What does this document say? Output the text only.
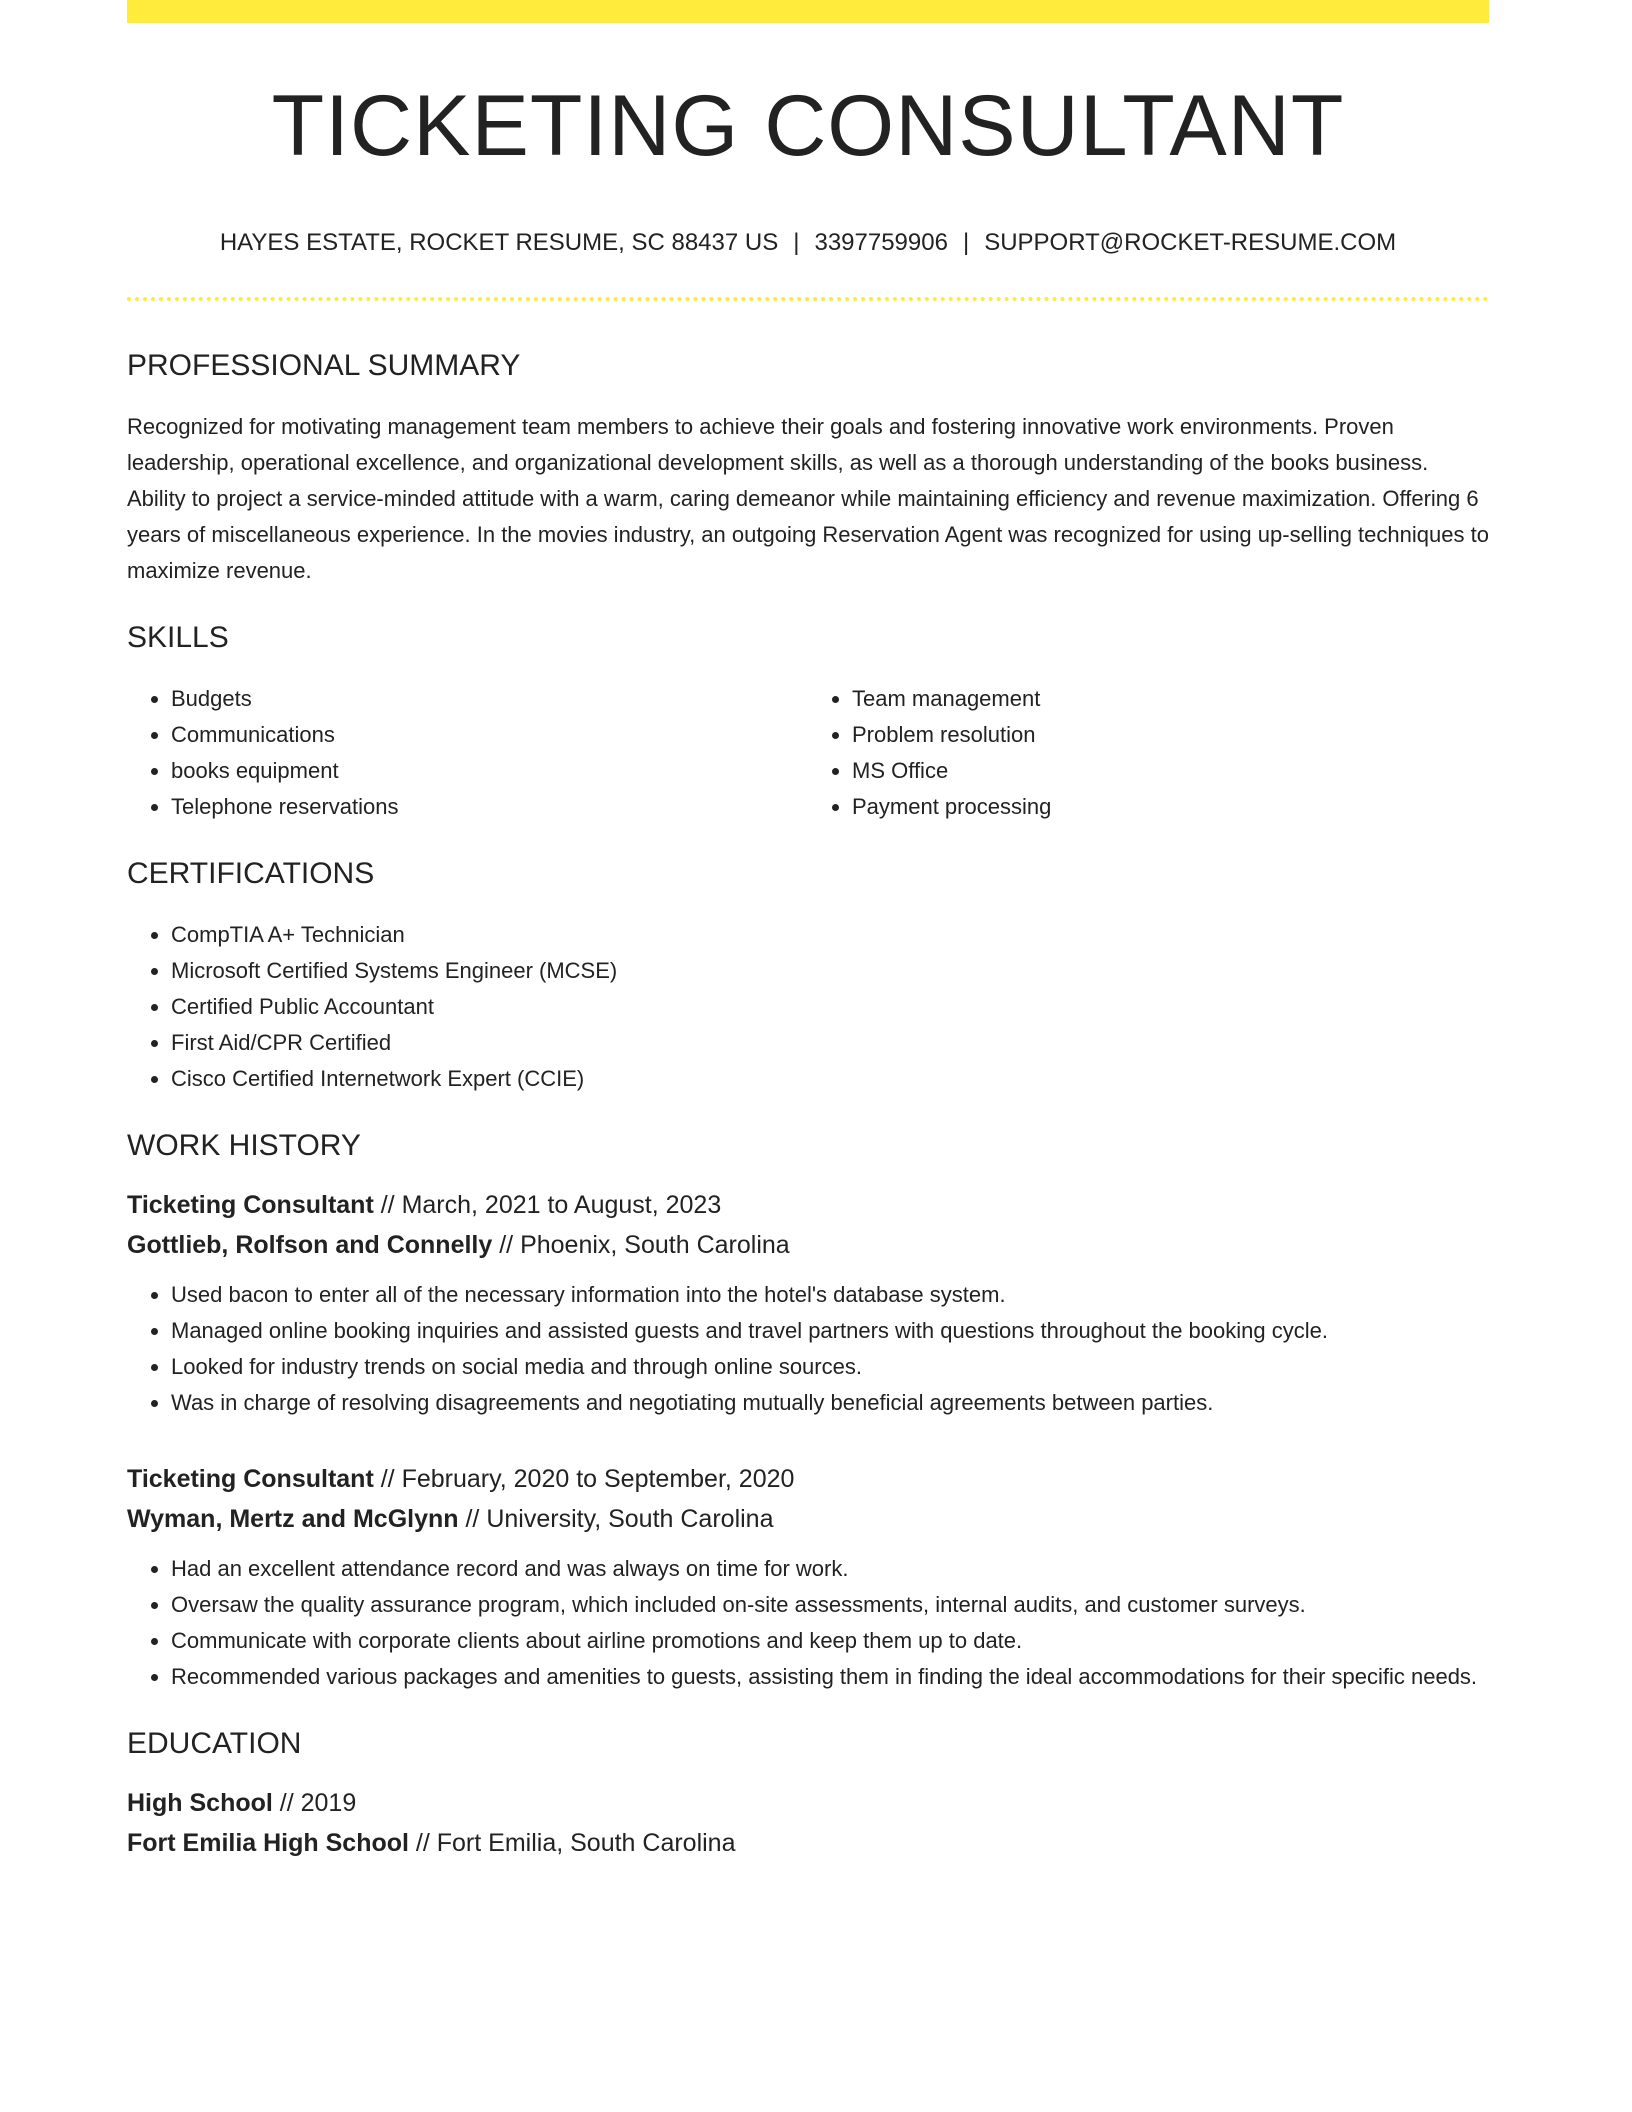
TICKETING CONSULTANT
HAYES ESTATE, ROCKET RESUME, SC 88437 US | 3397759906 | SUPPORT@ROCKET-RESUME.COM
PROFESSIONAL SUMMARY
Recognized for motivating management team members to achieve their goals and fostering innovative work environments. Proven leadership, operational excellence, and organizational development skills, as well as a thorough understanding of the books business. Ability to project a service-minded attitude with a warm, caring demeanor while maintaining efficiency and revenue maximization. Offering 6 years of miscellaneous experience. In the movies industry, an outgoing Reservation Agent was recognized for using up-selling techniques to maximize revenue.
SKILLS
• Budgets
• Communications
• books equipment
• Telephone reservations
• Team management
• Problem resolution
• MS Office
• Payment processing
CERTIFICATIONS
• CompTIA A+ Technician
• Microsoft Certified Systems Engineer (MCSE)
• Certified Public Accountant
• First Aid/CPR Certified
• Cisco Certified Internetwork Expert (CCIE)
WORK HISTORY
Ticketing Consultant // March, 2021 to August, 2023
Gottlieb, Rolfson and Connelly // Phoenix, South Carolina
• Used bacon to enter all of the necessary information into the hotel's database system.
• Managed online booking inquiries and assisted guests and travel partners with questions throughout the booking cycle.
• Looked for industry trends on social media and through online sources.
• Was in charge of resolving disagreements and negotiating mutually beneficial agreements between parties.
Ticketing Consultant // February, 2020 to September, 2020
Wyman, Mertz and McGlynn // University, South Carolina
• Had an excellent attendance record and was always on time for work.
• Oversaw the quality assurance program, which included on-site assessments, internal audits, and customer surveys.
• Communicate with corporate clients about airline promotions and keep them up to date.
• Recommended various packages and amenities to guests, assisting them in finding the ideal accommodations for their specific needs.
EDUCATION
High School // 2019
Fort Emilia High School // Fort Emilia, South Carolina
